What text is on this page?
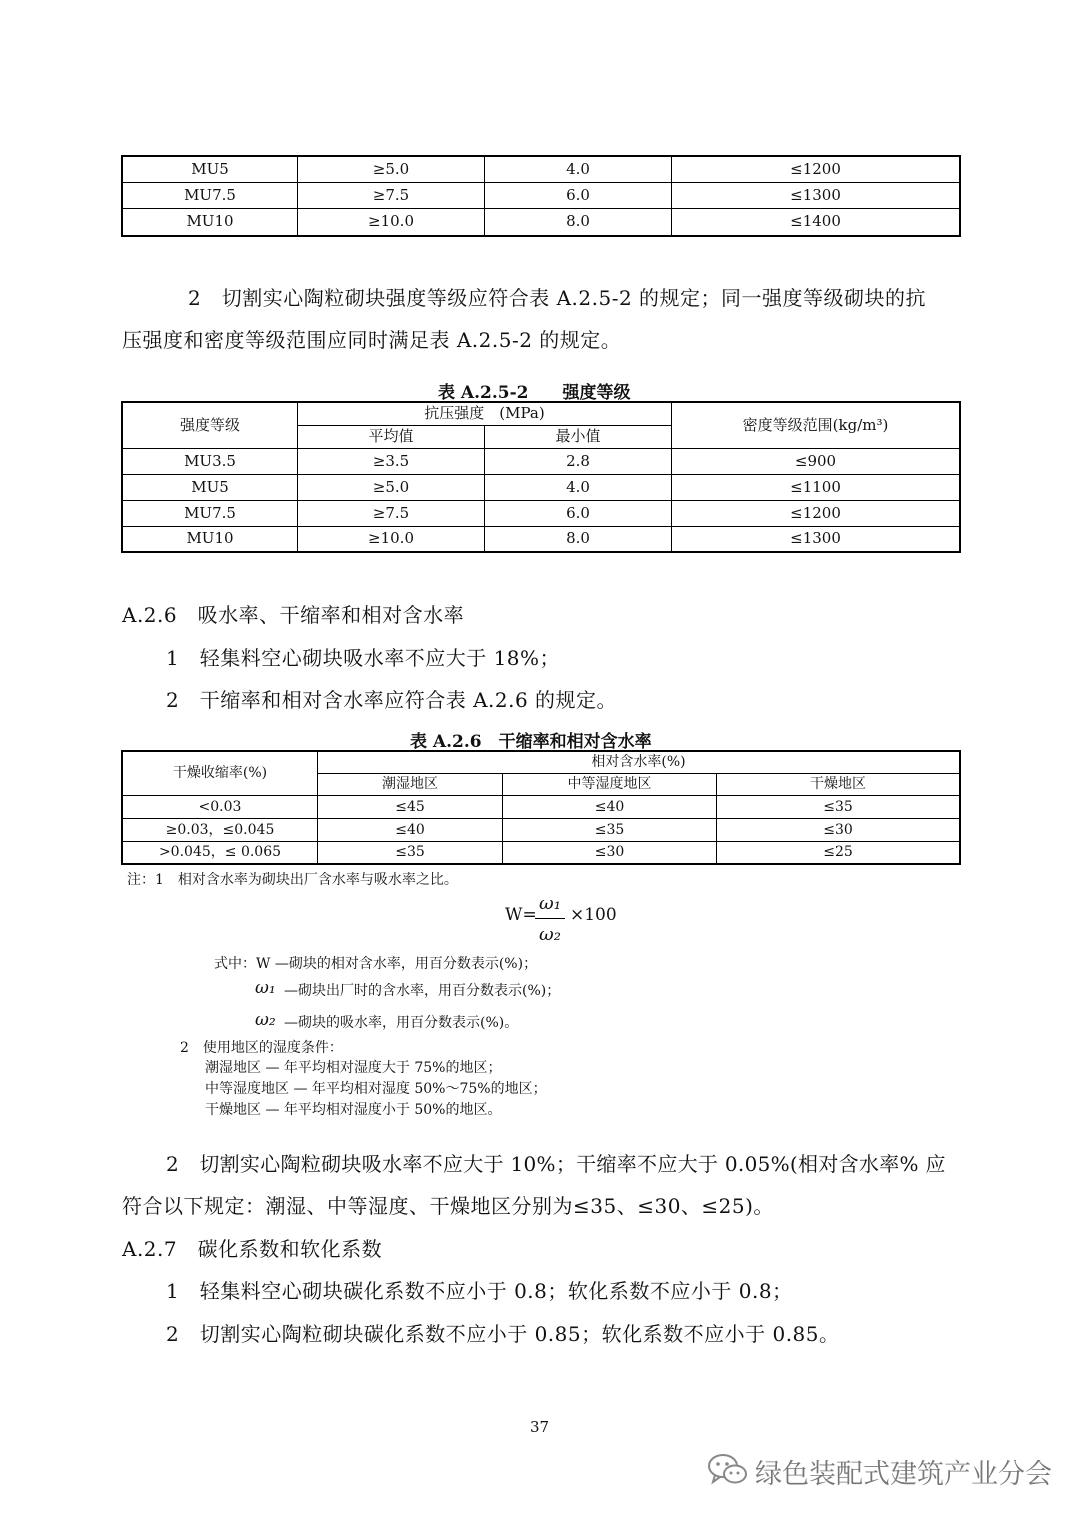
MU5	≥5.0	4.0	≤1200
MU7.5	≥7.5	6.0	≤1300
MU10	≥10.0	8.0	≤1400
2　切割实心陶粒砌块强度等级应符合表 A.2.5-2 的规定；同一强度等级砌块的抗
压强度和密度等级范围应同时满足表 A.2.5-2 的规定。
表 A.2.5-2　　强度等级
强度等级	抗压强度　(MPa)		密度等级范围(kg/m³)
	平均值	最小值	
MU3.5	≥3.5	2.8	≤900
MU5	≥5.0	4.0	≤1100
MU7.5	≥7.5	6.0	≤1200
MU10	≥10.0	8.0	≤1300
A.2.6　吸水率、干缩率和相对含水率
1　轻集料空心砌块吸水率不应大于 18%；
2　干缩率和相对含水率应符合表 A.2.6 的规定。
表 A.2.6　干缩率和相对含水率
干燥收缩率(%)	相对含水率(%)		
	潮湿地区	中等湿度地区	干燥地区
<0.03	≤45	≤40	≤35
≥0.03，≤0.045	≤40	≤35	≤30
>0.045，≤ 0.065	≤35	≤30	≤25
注：1　相对含水率为砌块出厂含水率与吸水率之比。
W=
ω₁
ω₂
×100
式中：W —砌块的相对含水率，用百分数表示(%)；
ω₁ —砌块出厂时的含水率，用百分数表示(%)；
ω₂ —砌块的吸水率，用百分数表示(%)。
2　使用地区的湿度条件：
潮湿地区 — 年平均相对湿度大于 75%的地区；
中等湿度地区 — 年平均相对湿度 50%～75%的地区；
干燥地区 — 年平均相对湿度小于 50%的地区。
2　切割实心陶粒砌块吸水率不应大于 10%；干缩率不应大于 0.05%(相对含水率% 应
符合以下规定：潮湿、中等湿度、干燥地区分别为≤35、≤30、≤25)。
A.2.7　碳化系数和软化系数
1　轻集料空心砌块碳化系数不应小于 0.8；软化系数不应小于 0.8；
2　切割实心陶粒砌块碳化系数不应小于 0.85；软化系数不应小于 0.85。
37
绿色装配式建筑产业分会
